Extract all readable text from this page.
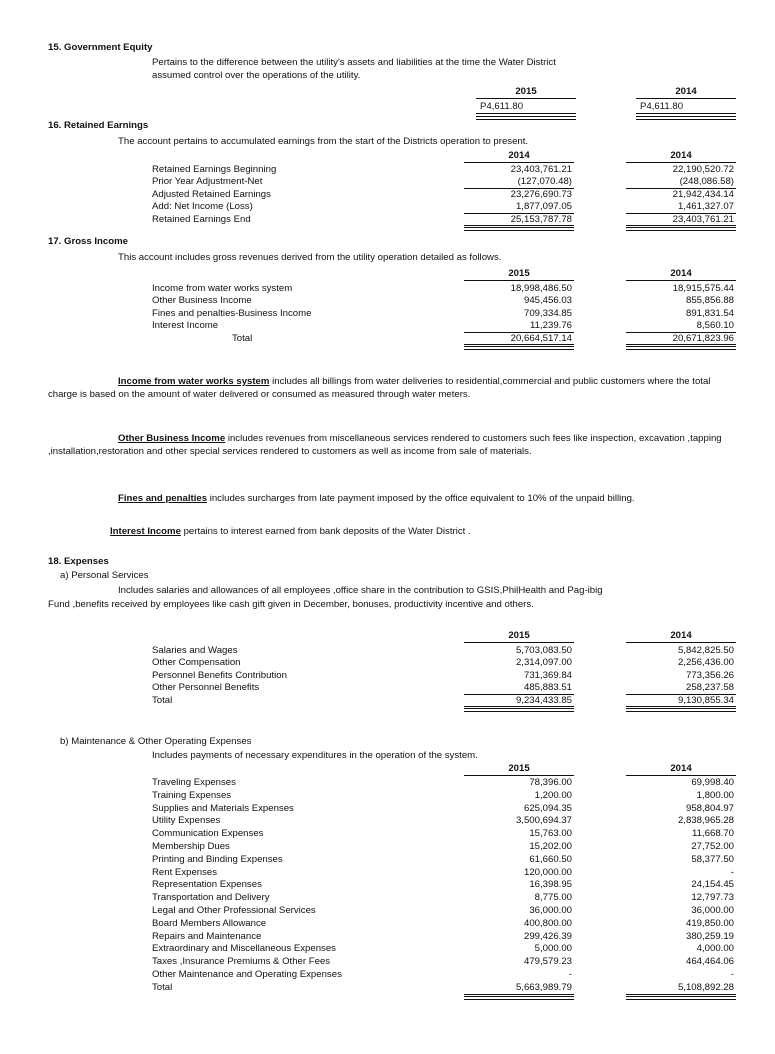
15. Government Equity
Pertains to the difference between the utility's assets and liabilities at the time the Water District
assumed control over the operations of the utility.
2015	2014
P4,611.80	P4,611.80
16. Retained Earnings
The account pertains to accumulated earnings from the start of the Districts operation to present.
2014	2014
Retained Earnings Beginning	23,403,761.21	22,190,520.72
Prior Year Adjustment-Net	(127,070.48)	(248,086.58)
Adjusted Retained Earnings	23,276,690.73	21,942,434.14
Add: Net Income (Loss)	1,877,097.05	1,461,327.07
Retained Earnings End	25,153,787.78	23,403,761.21
17. Gross Income
This account includes gross revenues derived from the utility operation detailed as follows.
2015	2014
Income from water works system	18,998,486.50	18,915,575.44
Other Business Income	945,456.03	855,856.88
Fines and penalties-Business Income	709,334.85	891,831.54
Interest Income	11,239.76	8,560.10
Total	20,664,517.14	20,671,823.96
Income from water works system includes all billings from water deliveries to residential,commercial and public customers where the total charge is based on the amount of water delivered or consumed as measured through water meters.
Other Business Income includes revenues from miscellaneous services rendered to customers such fees like inspection, excavation ,tapping ,installation,restoration and other special services rendered to customers as well as income from sale of materials.
Fines and penalties includes surcharges from late payment imposed by the office equivalent to 10% of the unpaid billing.
Interest Income pertains to interest earned from bank deposits of the Water District .
18. Expenses
a) Personal Services
Includes salaries and allowances of all employees ,office share in the contribution to GSIS,PhilHealth and Pag-ibig
Fund ,benefits received by employees like cash gift given in December, bonuses, productivity incentive and others.
2015	2014
Salaries and Wages	5,703,083.50	5,842,825.50
Other Compensation	2,314,097.00	2,256,436.00
Personnel Benefits Contribution	731,369.84	773,356.26
Other Personnel Benefits	485,883.51	258,237.58
Total	9,234,433.85	9,130,855.34
b) Maintenance & Other Operating Expenses
Includes payments of necessary expenditures in the operation of the system.
2015	2014
Traveling Expenses	78,396.00	69,998.40
Training Expenses	1,200.00	1,800.00
Supplies and Materials Expenses	625,094.35	958,804.97
Utility Expenses	3,500,694.37	2,838,965.28
Communication Expenses	15,763.00	11,668.70
Membership Dues	15,202.00	27,752.00
Printing and Binding Expenses	61,660.50	58,377.50
Rent Expenses	120,000.00	-
Representation Expenses	16,398.95	24,154.45
Transportation and Delivery	8,775.00	12,797.73
Legal and Other Professional Services	36,000.00	36,000.00
Board Members Allowance	400,800.00	419,850.00
Repairs and Maintenance	299,426.39	380,259.19
Extraordinary and Miscellaneous Expenses	5,000.00	4,000.00
Taxes ,Insurance Premiums & Other Fees	479,579.23	464,464.06
Other Maintenance and Operating Expenses	-	-
Total	5,663,989.79	5,108,892.28
